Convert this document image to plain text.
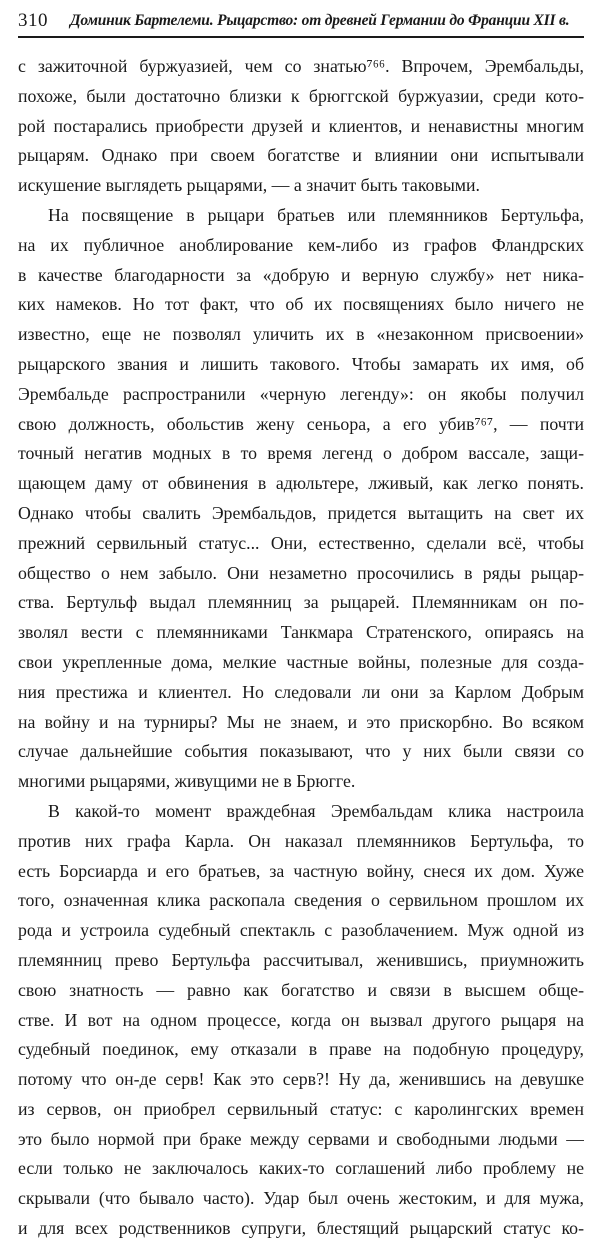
310	Доминик Бартелеми. Рыцарство: от древней Германии до Франции XII в.
с зажиточной буржуазией, чем со знатью⁷⁶⁶. Впрочем, Эрембальды,
похоже, были достаточно близки к брюггской буржуазии, среди кото-
рой постарались приобрести друзей и клиентов, и ненавистны многим
рыцарям. Однако при своем богатстве и влиянии они испытывали
искушение выглядеть рыцарями, — а значит быть таковыми.
На посвящение в рыцари братьев или племянников Бертульфа,
на их публичное аноблирование кем-либо из графов Фландрских
в качестве благодарности за «добрую и верную службу» нет ника-
ких намеков. Но тот факт, что об их посвящениях было ничего не
известно, еще не позволял уличить их в «незаконном присвоении»
рыцарского звания и лишить такового. Чтобы замарать их имя, об
Эрембальде распространили «черную легенду»: он якобы получил
свою должность, обольстив жену сеньора, а его убив⁷⁶⁷, — почти
точный негатив модных в то время легенд о добром вассале, защи-
щающем даму от обвинения в адюльтере, лживый, как легко понять.
Однако чтобы свалить Эрембальдов, придется вытащить на свет их
прежний сервильный статус... Они, естественно, сделали всё, чтобы
общество о нем забыло. Они незаметно просочились в ряды рыцар-
ства. Бертульф выдал племянниц за рыцарей. Племянникам он по-
зволял вести с племянниками Танкмара Стратенского, опираясь на
свои укрепленные дома, мелкие частные войны, полезные для созда-
ния престижа и клиентел. Но следовали ли они за Карлом Добрым
на войну и на турниры? Мы не знаем, и это прискорбно. Во всяком
случае дальнейшие события показывают, что у них были связи со
многими рыцарями, живущими не в Брюгге.
В какой-то момент враждебная Эрембальдам клика настроила
против них графа Карла. Он наказал племянников Бертульфа, то
есть Борсиарда и его братьев, за частную войну, снеся их дом. Хуже
того, означенная клика раскопала сведения о сервильном прошлом их
рода и устроила судебный спектакль с разоблачением. Муж одной из
племянниц прево Бертульфа рассчитывал, женившись, приумножить
свою знатность — равно как богатство и связи в высшем обще-
стве. И вот на одном процессе, когда он вызвал другого рыцаря на
судебный поединок, ему отказали в праве на подобную процедуру,
потому что он-де серв! Как это серв?! Ну да, женившись на девушке
из сервов, он приобрел сервильный статус: с каролингских времен
это было нормой при браке между сервами и свободными людьми —
если только не заключалось каких-то соглашений либо проблему не
скрывали (что бывало часто). Удар был очень жестоким, и для мужа,
и для всех родственников супруги, блестящий рыцарский статус ко-
